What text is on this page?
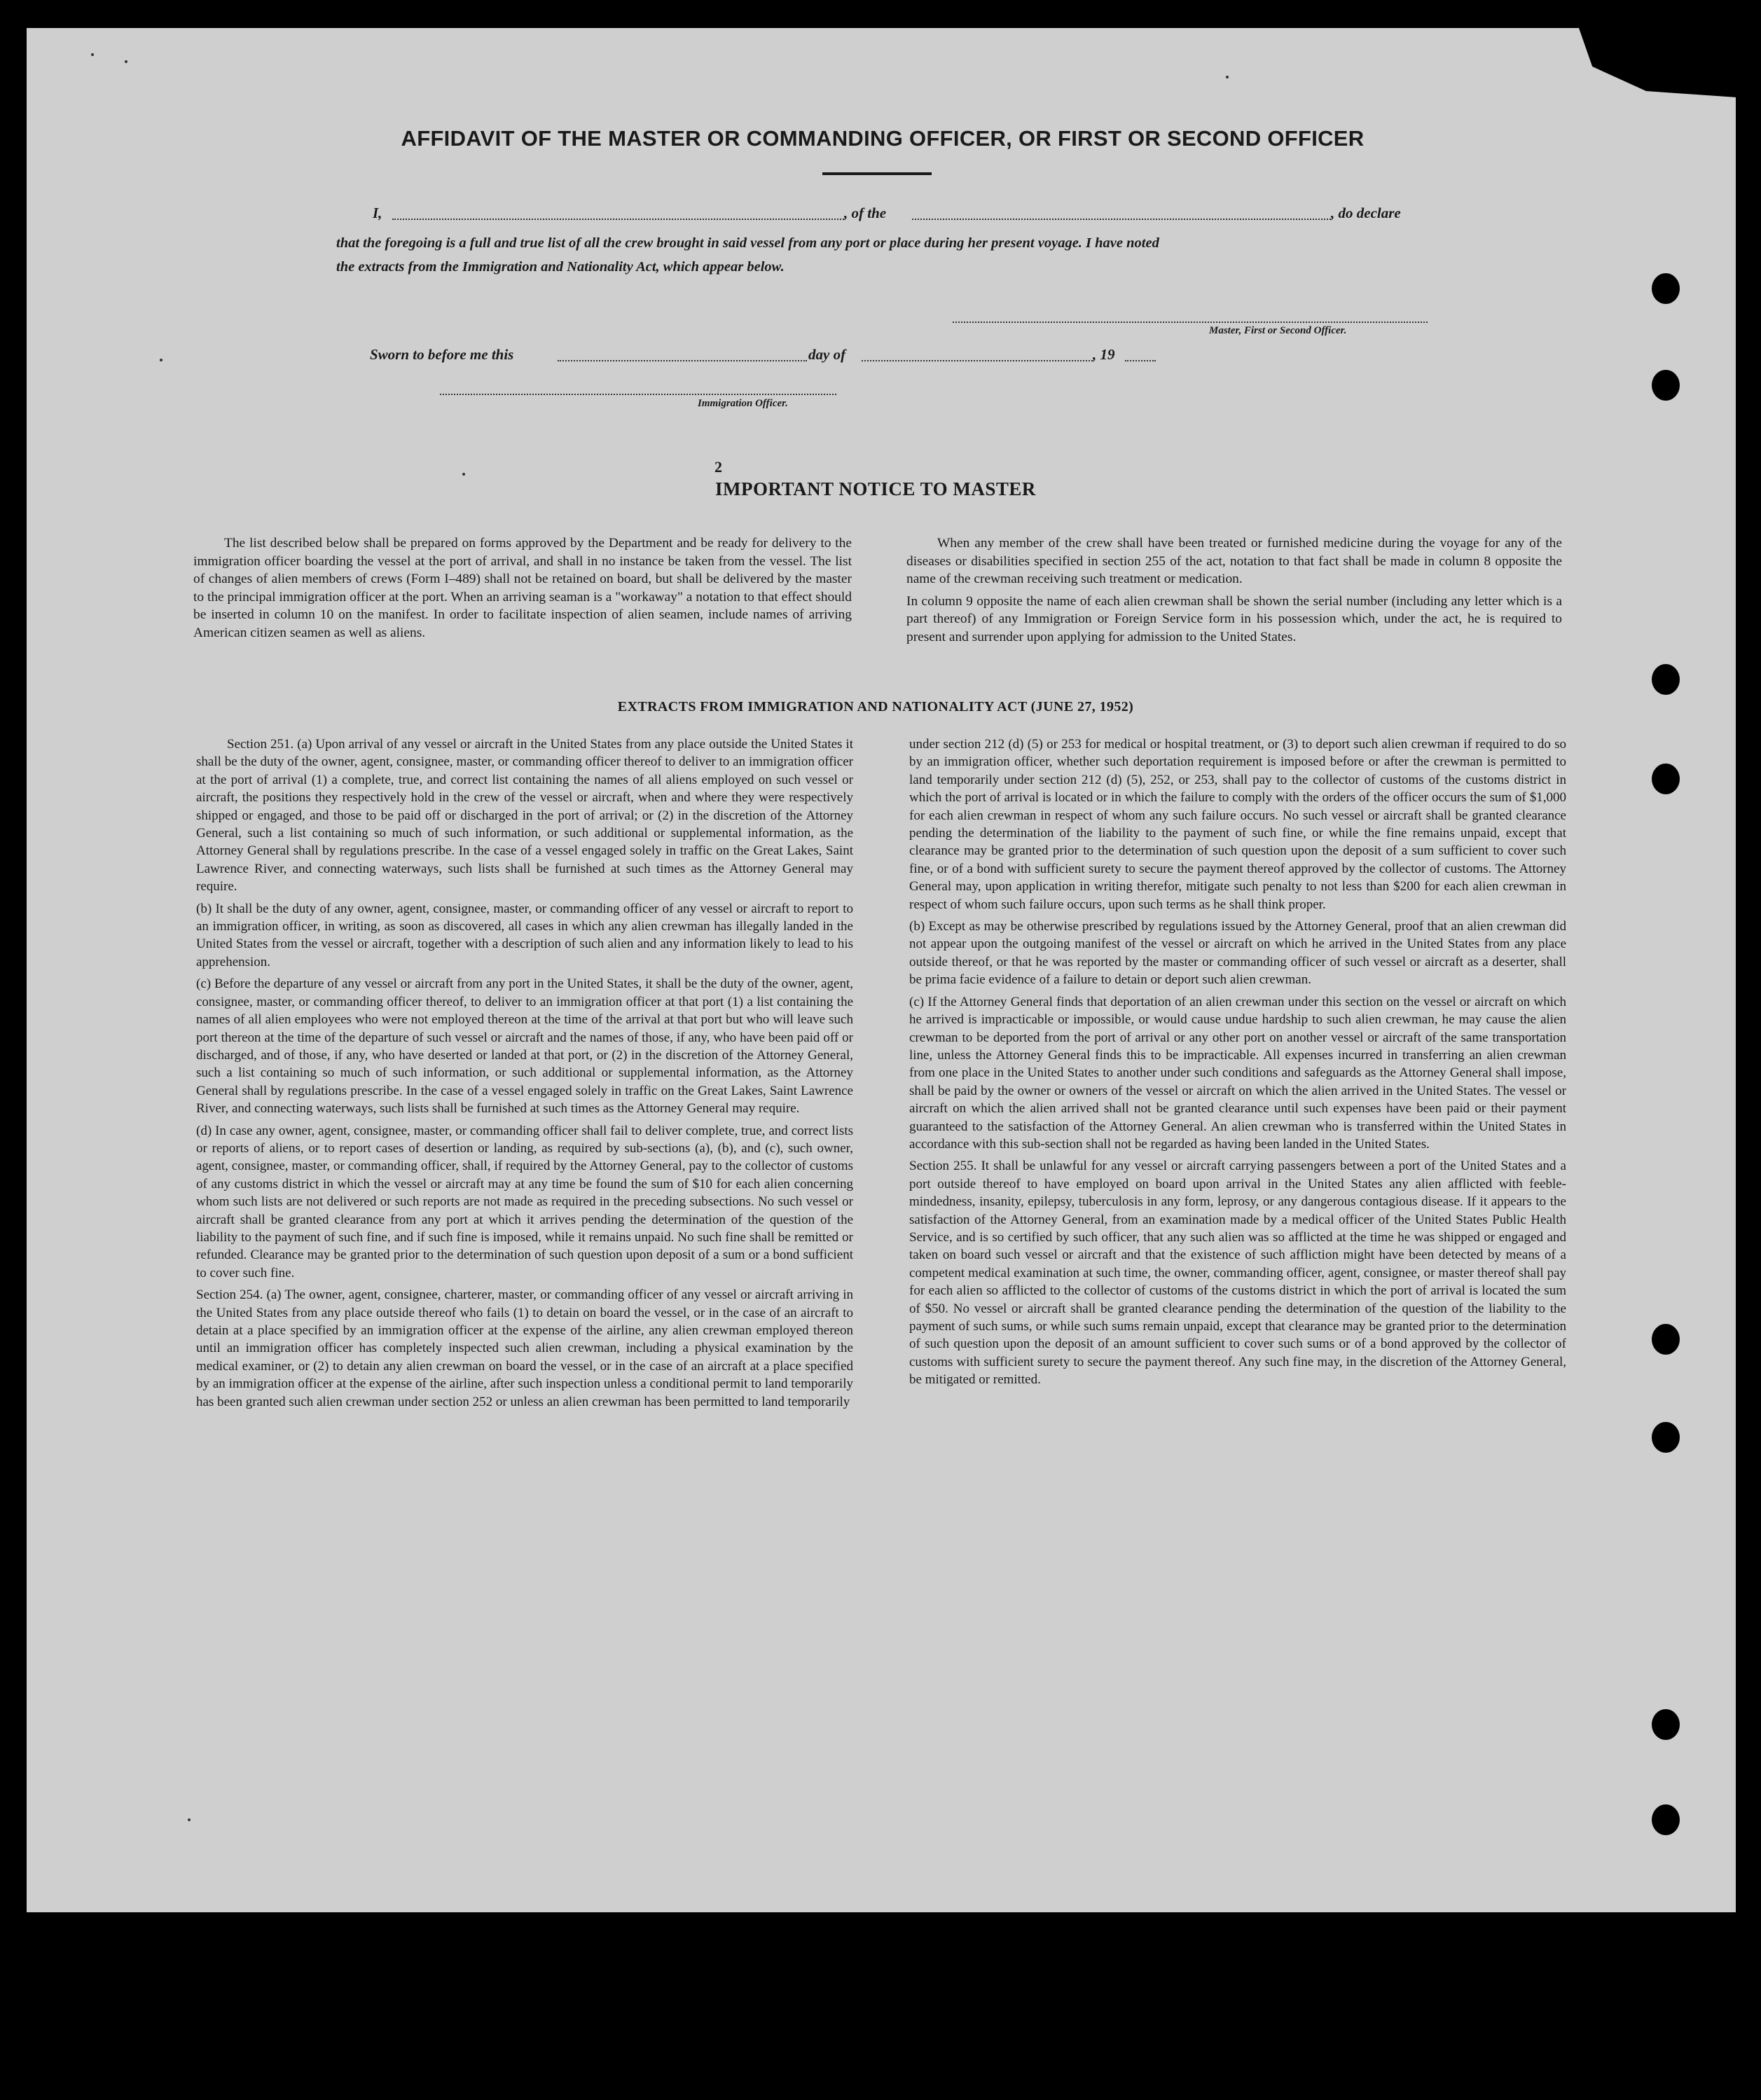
AFFIDAVIT OF THE MASTER OR COMMANDING OFFICER, OR FIRST OR SECOND OFFICER
I,	, of the	, do declare
that the foregoing is a full and true list of all the crew brought in said vessel from any port or place during her present voyage. I have noted
the extracts from the Immigration and Nationality Act, which appear below.
Master, First or Second Officer.
Sworn to before me this	day of	, 19
Immigration Officer.
2
IMPORTANT NOTICE TO MASTER

The list described below shall be prepared on forms approved by the Department and be ready for delivery to the immigration officer boarding the vessel at the port of arrival, and shall in no instance be taken from the vessel. The list of changes of alien members of crews (Form I–489) shall not be retained on board, but shall be delivered by the master to the principal immigration officer at the port. When an arriving seaman is a "workaway" a notation to that effect should be inserted in column 10 on the manifest. In order to facilitate inspection of alien seamen, include names of arriving American citizen seamen as well as aliens.

When any member of the crew shall have been treated or furnished medicine during the voyage for any of the diseases or disabilities specified in section 255 of the act, notation to that fact shall be made in column 8 opposite the name of the crewman receiving such treatment or medication.

In column 9 opposite the name of each alien crewman shall be shown the serial number (including any letter which is a part thereof) of any Immigration or Foreign Service form in his possession which, under the act, he is required to present and surrender upon applying for admission to the United States.

EXTRACTS FROM IMMIGRATION AND NATIONALITY ACT (JUNE 27, 1952)

Section 251. (a) Upon arrival of any vessel or aircraft in the United States from any place outside the United States it shall be the duty of the owner, agent, consignee, master, or commanding officer thereof to deliver to an immigration officer at the port of arrival (1) a complete, true, and correct list containing the names of all aliens employed on such vessel or aircraft, the positions they respectively hold in the crew of the vessel or aircraft, when and where they were respectively shipped or engaged, and those to be paid off or discharged in the port of arrival; or (2) in the discretion of the Attorney General, such a list containing so much of such information, or such additional or supplemental information, as the Attorney General shall by regulations prescribe. In the case of a vessel engaged solely in traffic on the Great Lakes, Saint Lawrence River, and connecting waterways, such lists shall be furnished at such times as the Attorney General may require.

(b) It shall be the duty of any owner, agent, consignee, master, or commanding officer of any vessel or aircraft to report to an immigration officer, in writing, as soon as discovered, all cases in which any alien crewman has illegally landed in the United States from the vessel or aircraft, together with a description of such alien and any information likely to lead to his apprehension.

(c) Before the departure of any vessel or aircraft from any port in the United States, it shall be the duty of the owner, agent, consignee, master, or commanding officer thereof, to deliver to an immigration officer at that port (1) a list containing the names of all alien employees who were not employed thereon at the time of the arrival at that port but who will leave such port thereon at the time of the departure of such vessel or aircraft and the names of those, if any, who have been paid off or discharged, and of those, if any, who have deserted or landed at that port, or (2) in the discretion of the Attorney General, such a list containing so much of such information, or such additional or supplemental information, as the Attorney General shall by regulations prescribe. In the case of a vessel engaged solely in traffic on the Great Lakes, Saint Lawrence River, and connecting waterways, such lists shall be furnished at such times as the Attorney General may require.

(d) In case any owner, agent, consignee, master, or commanding officer shall fail to deliver complete, true, and correct lists or reports of aliens, or to report cases of desertion or landing, as required by sub-sections (a), (b), and (c), such owner, agent, consignee, master, or commanding officer, shall, if required by the Attorney General, pay to the collector of customs of any customs district in which the vessel or aircraft may at any time be found the sum of $10 for each alien concerning whom such lists are not delivered or such reports are not made as required in the preceding subsections. No such vessel or aircraft shall be granted clearance from any port at which it arrives pending the determination of the question of the liability to the payment of such fine, and if such fine is imposed, while it remains unpaid. No such fine shall be remitted or refunded. Clearance may be granted prior to the determination of such question upon deposit of a sum or a bond sufficient to cover such fine.

Section 254. (a) The owner, agent, consignee, charterer, master, or commanding officer of any vessel or aircraft arriving in the United States from any place outside thereof who fails (1) to detain on board the vessel, or in the case of an aircraft to detain at a place specified by an immigration officer at the expense of the airline, any alien crewman employed thereon until an immigration officer has completely inspected such alien crewman, including a physical examination by the medical examiner, or (2) to detain any alien crewman on board the vessel, or in the case of an aircraft at a place specified by an immigration officer at the expense of the airline, after such inspection unless a conditional permit to land temporarily has been granted such alien crewman under section 252 or unless an alien crewman has been permitted to land temporarily

under section 212 (d) (5) or 253 for medical or hospital treatment, or (3) to deport such alien crewman if required to do so by an immigration officer, whether such deportation requirement is imposed before or after the crewman is permitted to land temporarily under section 212 (d) (5), 252, or 253, shall pay to the collector of customs of the customs district in which the port of arrival is located or in which the failure to comply with the orders of the officer occurs the sum of $1,000 for each alien crewman in respect of whom any such failure occurs. No such vessel or aircraft shall be granted clearance pending the determination of the liability to the payment of such fine, or while the fine remains unpaid, except that clearance may be granted prior to the determination of such question upon the deposit of a sum sufficient to cover such fine, or of a bond with sufficient surety to secure the payment thereof approved by the collector of customs. The Attorney General may, upon application in writing therefor, mitigate such penalty to not less than $200 for each alien crewman in respect of whom such failure occurs, upon such terms as he shall think proper.

(b) Except as may be otherwise prescribed by regulations issued by the Attorney General, proof that an alien crewman did not appear upon the outgoing manifest of the vessel or aircraft on which he arrived in the United States from any place outside thereof, or that he was reported by the master or commanding officer of such vessel or aircraft as a deserter, shall be prima facie evidence of a failure to detain or deport such alien crewman.

(c) If the Attorney General finds that deportation of an alien crewman under this section on the vessel or aircraft on which he arrived is impracticable or impossible, or would cause undue hardship to such alien crewman, he may cause the alien crewman to be deported from the port of arrival or any other port on another vessel or aircraft of the same transportation line, unless the Attorney General finds this to be impracticable. All expenses incurred in transferring an alien crewman from one place in the United States to another under such conditions and safeguards as the Attorney General shall impose, shall be paid by the owner or owners of the vessel or aircraft on which the alien arrived in the United States. The vessel or aircraft on which the alien arrived shall not be granted clearance until such expenses have been paid or their payment guaranteed to the satisfaction of the Attorney General. An alien crewman who is transferred within the United States in accordance with this sub-section shall not be regarded as having been landed in the United States.

Section 255. It shall be unlawful for any vessel or aircraft carrying passengers between a port of the United States and a port outside thereof to have employed on board upon arrival in the United States any alien afflicted with feeble-mindedness, insanity, epilepsy, tuberculosis in any form, leprosy, or any dangerous contagious disease. If it appears to the satisfaction of the Attorney General, from an examination made by a medical officer of the United States Public Health Service, and is so certified by such officer, that any such alien was so afflicted at the time he was shipped or engaged and taken on board such vessel or aircraft and that the existence of such affliction might have been detected by means of a competent medical examination at such time, the owner, commanding officer, agent, consignee, or master thereof shall pay for each alien so afflicted to the collector of customs of the customs district in which the port of arrival is located the sum of $50. No vessel or aircraft shall be granted clearance pending the determination of the question of the liability to the payment of such sums, or while such sums remain unpaid, except that clearance may be granted prior to the determination of such question upon the deposit of an amount sufficient to cover such sums or of a bond approved by the collector of customs with sufficient surety to secure the payment thereof. Any such fine may, in the discretion of the Attorney General, be mitigated or remitted.
